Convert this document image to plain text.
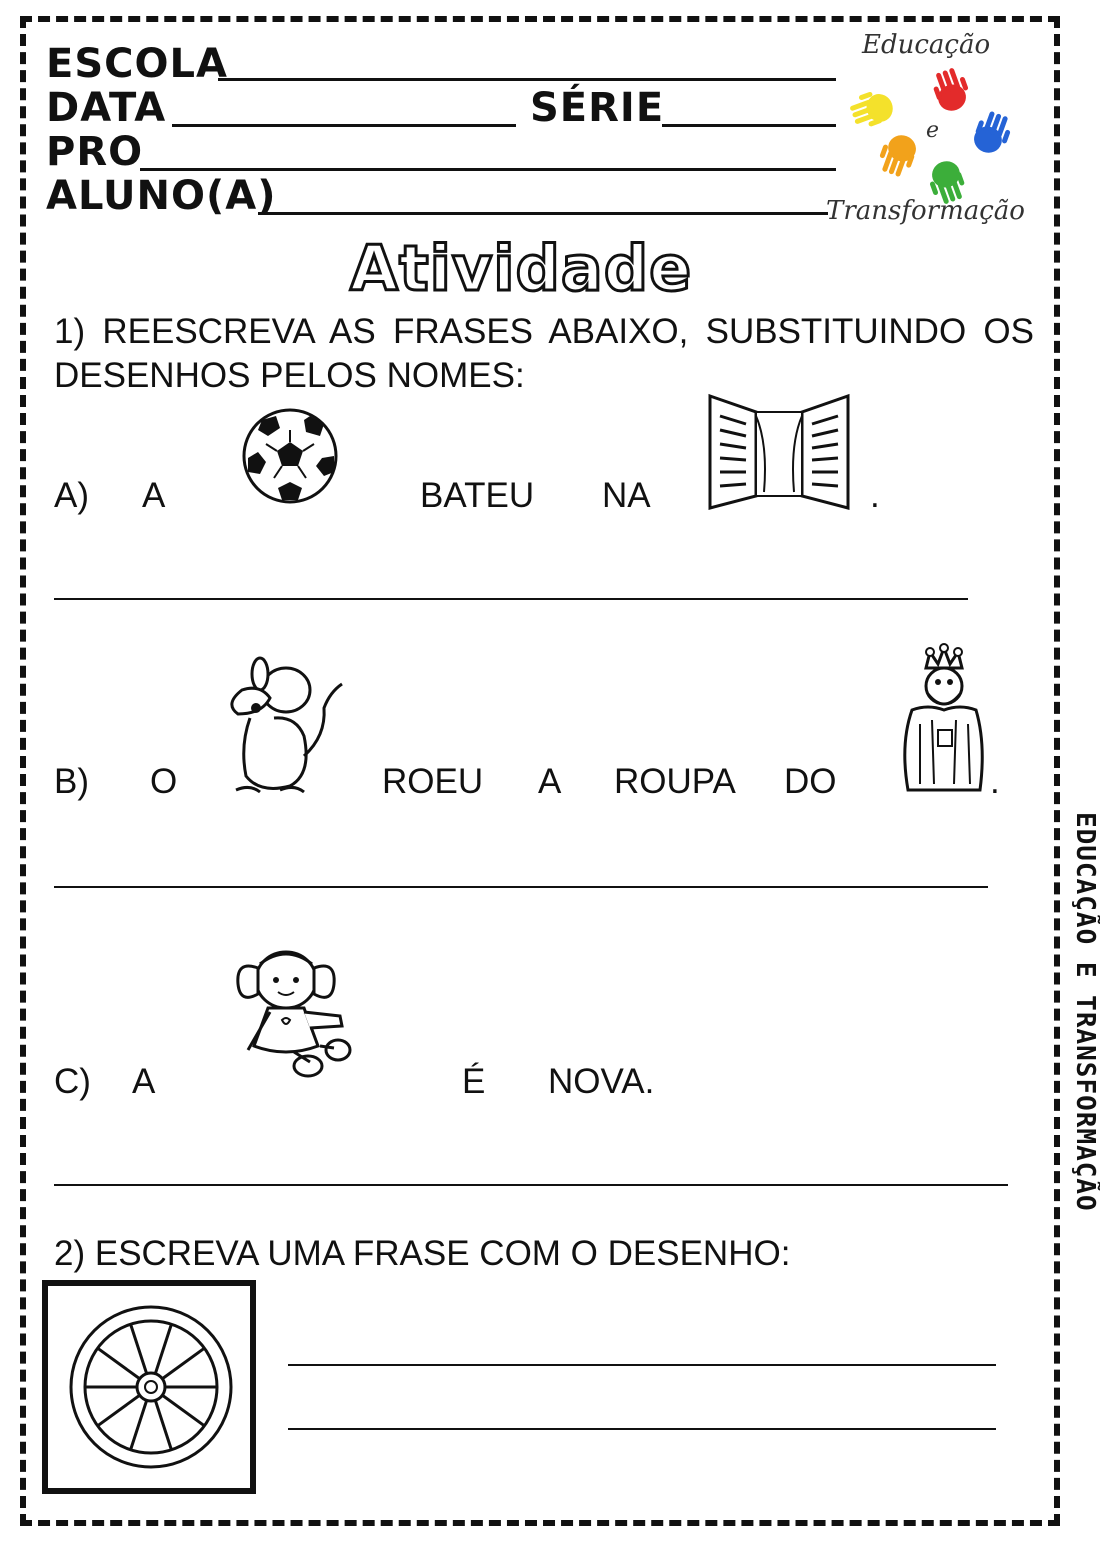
ESCOLA
DATA	SÉRIE
PRO
ALUNO(A)
Educação
e
Transformação
Atividade
1) REESCREVA AS FRASES ABAIXO, SUBSTITUINDO OS DESENHOS PELOS NOMES:
A) A	BATEU NA	.
B) O	ROEU A ROUPA DO	.
C) A	É NOVA.
2) ESCREVA UMA FRASE COM O DESENHO:
EDUCAÇÃO E TRANSFORMAÇÃO
